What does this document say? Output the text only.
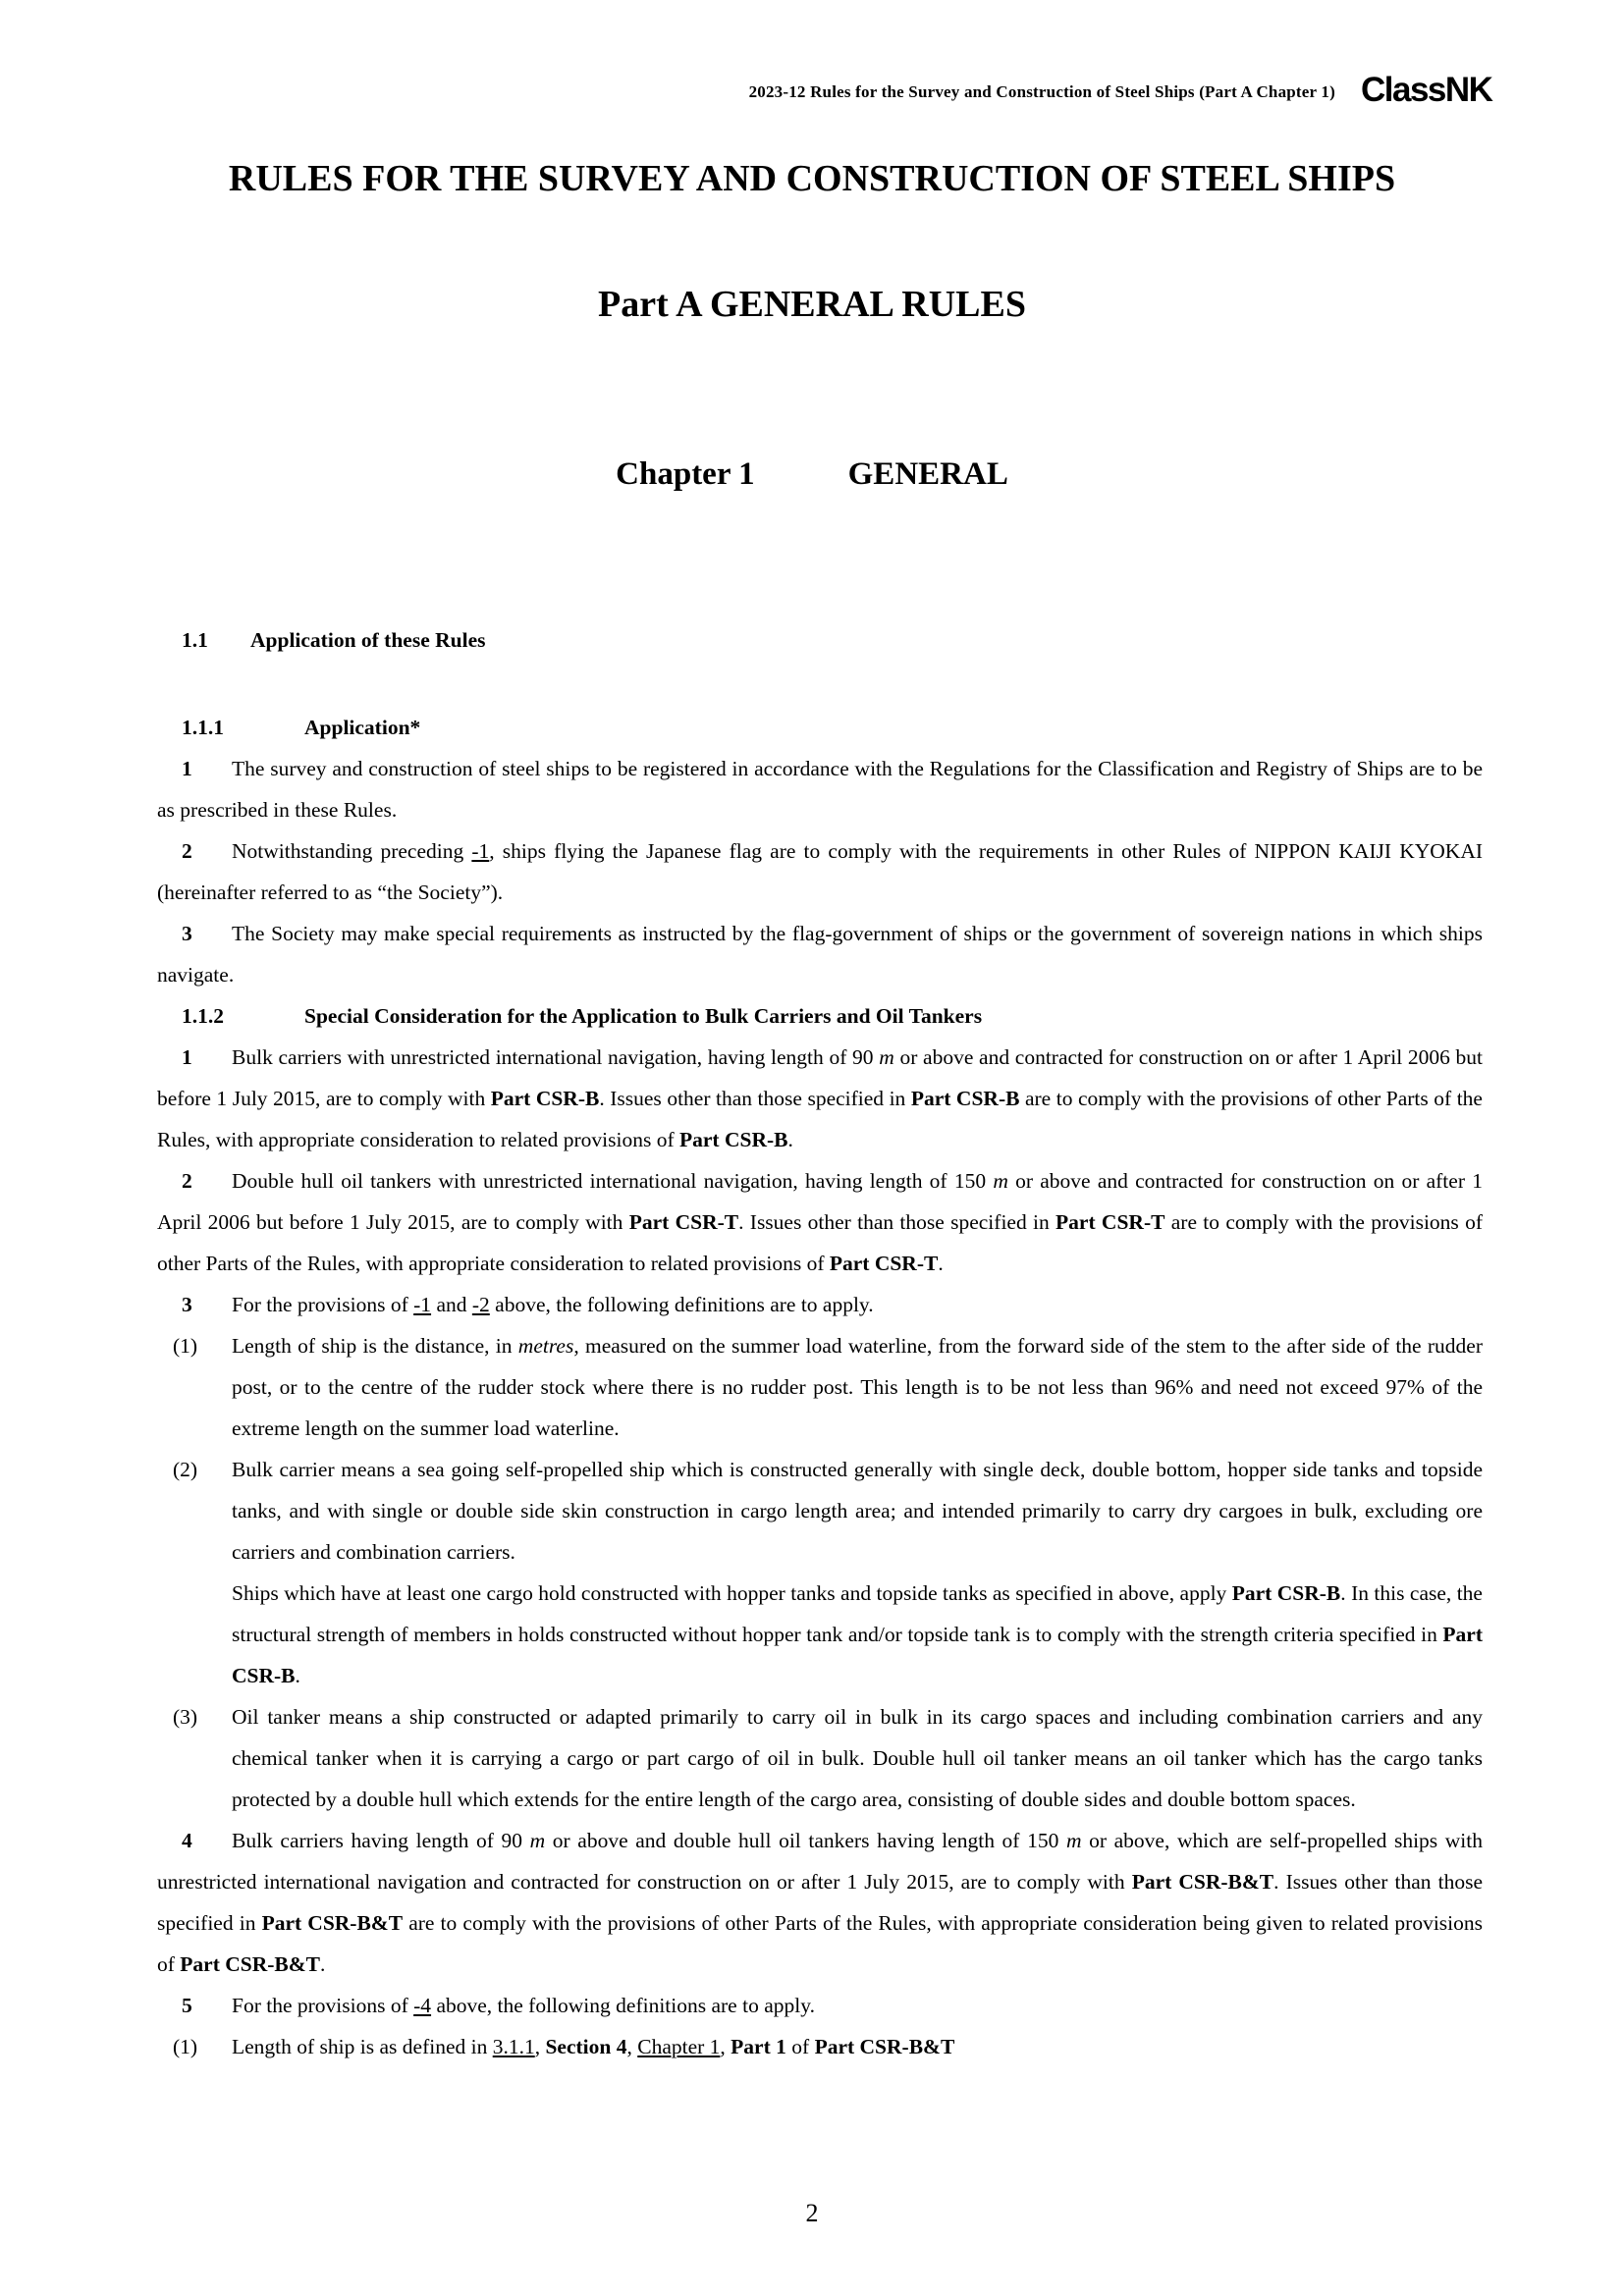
2023-12 Rules for the Survey and Construction of Steel Ships (Part A Chapter 1) ClassNK
RULES FOR THE SURVEY AND CONSTRUCTION OF STEEL SHIPS
Part A GENERAL RULES
Chapter 1	GENERAL
1.1 Application of these Rules
1.1.1	Application*
1 The survey and construction of steel ships to be registered in accordance with the Regulations for the Classification and Registry of Ships are to be as prescribed in these Rules.
2 Notwithstanding preceding -1, ships flying the Japanese flag are to comply with the requirements in other Rules of NIPPON KAIJI KYOKAI (hereinafter referred to as “the Society”).
3 The Society may make special requirements as instructed by the flag-government of ships or the government of sovereign nations in which ships navigate.
1.1.2	Special Consideration for the Application to Bulk Carriers and Oil Tankers
1 Bulk carriers with unrestricted international navigation, having length of 90 m or above and contracted for construction on or after 1 April 2006 but before 1 July 2015, are to comply with Part CSR-B. Issues other than those specified in Part CSR-B are to comply with the provisions of other Parts of the Rules, with appropriate consideration to related provisions of Part CSR-B.
2 Double hull oil tankers with unrestricted international navigation, having length of 150 m or above and contracted for construction on or after 1 April 2006 but before 1 July 2015, are to comply with Part CSR-T. Issues other than those specified in Part CSR-T are to comply with the provisions of other Parts of the Rules, with appropriate consideration to related provisions of Part CSR-T.
3 For the provisions of -1 and -2 above, the following definitions are to apply.
(1) Length of ship is the distance, in metres, measured on the summer load waterline, from the forward side of the stem to the after side of the rudder post, or to the centre of the rudder stock where there is no rudder post. This length is to be not less than 96% and need not exceed 97% of the extreme length on the summer load waterline.
(2) Bulk carrier means a sea going self-propelled ship which is constructed generally with single deck, double bottom, hopper side tanks and topside tanks, and with single or double side skin construction in cargo length area; and intended primarily to carry dry cargoes in bulk, excluding ore carriers and combination carriers.
Ships which have at least one cargo hold constructed with hopper tanks and topside tanks as specified in above, apply Part CSR-B. In this case, the structural strength of members in holds constructed without hopper tank and/or topside tank is to comply with the strength criteria specified in Part CSR-B.
(3) Oil tanker means a ship constructed or adapted primarily to carry oil in bulk in its cargo spaces and including combination carriers and any chemical tanker when it is carrying a cargo or part cargo of oil in bulk. Double hull oil tanker means an oil tanker which has the cargo tanks protected by a double hull which extends for the entire length of the cargo area, consisting of double sides and double bottom spaces.
4 Bulk carriers having length of 90 m or above and double hull oil tankers having length of 150 m or above, which are self-propelled ships with unrestricted international navigation and contracted for construction on or after 1 July 2015, are to comply with Part CSR-B&T. Issues other than those specified in Part CSR-B&T are to comply with the provisions of other Parts of the Rules, with appropriate consideration being given to related provisions of Part CSR-B&T.
5 For the provisions of -4 above, the following definitions are to apply.
(1) Length of ship is as defined in 3.1.1, Section 4, Chapter 1, Part 1 of Part CSR-B&T
2
